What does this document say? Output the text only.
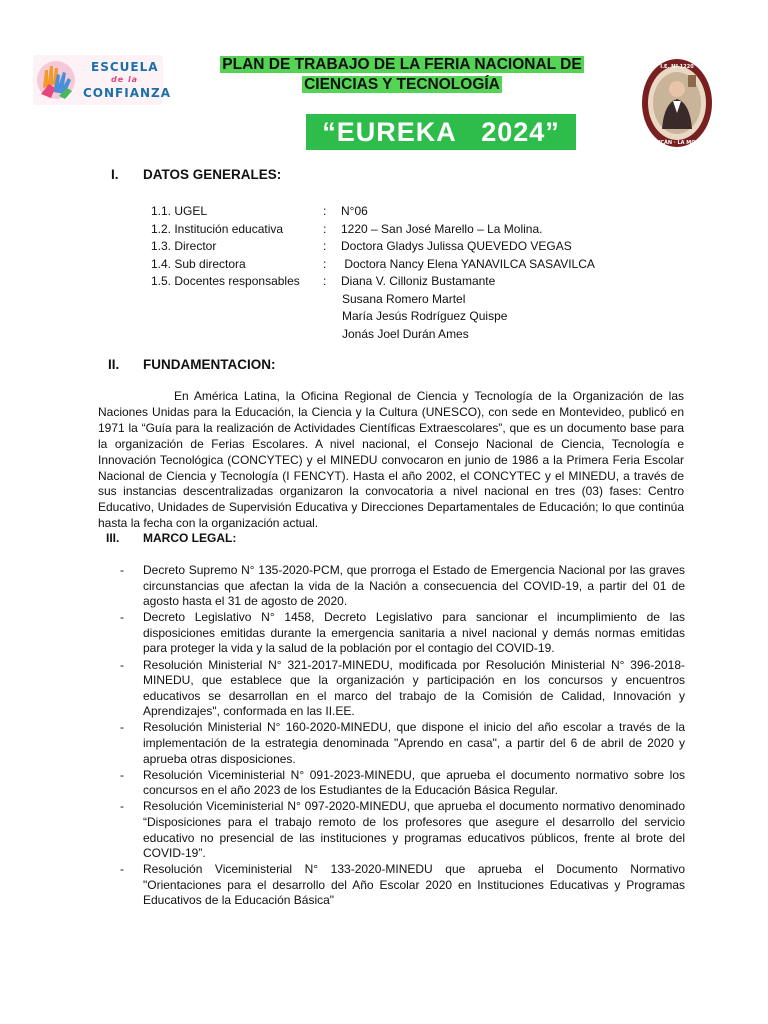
ESCUELA
de la
CONFIANZA
PLAN DE TRABAJO DE LA FERIA NACIONAL DE
CIENCIAS Y TECNOLOGÍA
“EUREKA   2024”
I.E. Nº 1220
HUAYCÁN · LA MOLINA
I. DATOS GENERALES:
1.1. UGEL	: N°06
1.2. Institución educativa	: 1220 – San José Marello – La Molina.
1.3. Director	: Doctora Gladys Julissa QUEVEDO VEGAS
1.4. Sub directora	: Doctora Nancy Elena YANAVILCA SASAVILCA
1.5. Docentes responsables	: Diana V. Cilloniz Bustamante
Susana Romero Martel
María Jesús Rodríguez Quispe
Jonás Joel Durán Ames
II. FUNDAMENTACION:
En América Latina, la Oficina Regional de Ciencia y Tecnología de la Organización de las Naciones Unidas para la Educación, la Ciencia y la Cultura (UNESCO), con sede en Montevideo, publicó en 1971 la “Guía para la realización de Actividades Científicas Extraescolares”, que es un documento base para la organización de Ferias Escolares. A nivel nacional, el Consejo Nacional de Ciencia, Tecnología e Innovación Tecnológica (CONCYTEC) y el MINEDU convocaron en junio de 1986 a la Primera Feria Escolar Nacional de Ciencia y Tecnología (I FENCYT). Hasta el año 2002, el CONCYTEC y el MINEDU, a través de sus instancias descentralizadas organizaron la convocatoria a nivel nacional en tres (03) fases: Centro Educativo, Unidades de Supervisión Educativa y Direcciones Departamentales de Educación; lo que continúa hasta la fecha con la organización actual.
III. MARCO LEGAL:
- Decreto Supremo N° 135-2020-PCM, que prorroga el Estado de Emergencia Nacional por las graves circunstancias que afectan la vida de la Nación a consecuencia del COVID-19, a partir del 01 de agosto hasta el 31 de agosto de 2020.
- Decreto Legislativo N° 1458, Decreto Legislativo para sancionar el incumplimiento de las disposiciones emitidas durante la emergencia sanitaria a nivel nacional y demás normas emitidas para proteger la vida y la salud de la población por el contagio del COVID-19.
- Resolución Ministerial N° 321-2017-MINEDU, modificada por Resolución Ministerial N° 396-2018-MINEDU, que establece que la organización y participación en los concursos y encuentros educativos se desarrollan en el marco del trabajo de la Comisión de Calidad, Innovación y Aprendizajes", conformada en las II.EE.
- Resolución Ministerial N° 160-2020-MINEDU, que dispone el inicio del año escolar a través de la implementación de la estrategia denominada "Aprendo en casa", a partir del 6 de abril de 2020 y aprueba otras disposiciones.
- Resolución Viceministerial N° 091-2023-MINEDU, que aprueba el documento normativo sobre los concursos en el año 2023 de los Estudiantes de la Educación Básica Regular.
- Resolución Viceministerial N° 097-2020-MINEDU, que aprueba el documento normativo denominado “Disposiciones para el trabajo remoto de los profesores que asegure el desarrollo del servicio educativo no presencial de las instituciones y programas educativos públicos, frente al brote del COVID-19”.
- Resolución Viceministerial N° 133-2020-MINEDU que aprueba el Documento Normativo "Orientaciones para el desarrollo del Año Escolar 2020 en Instituciones Educativas y Programas Educativos de la Educación Básica"
